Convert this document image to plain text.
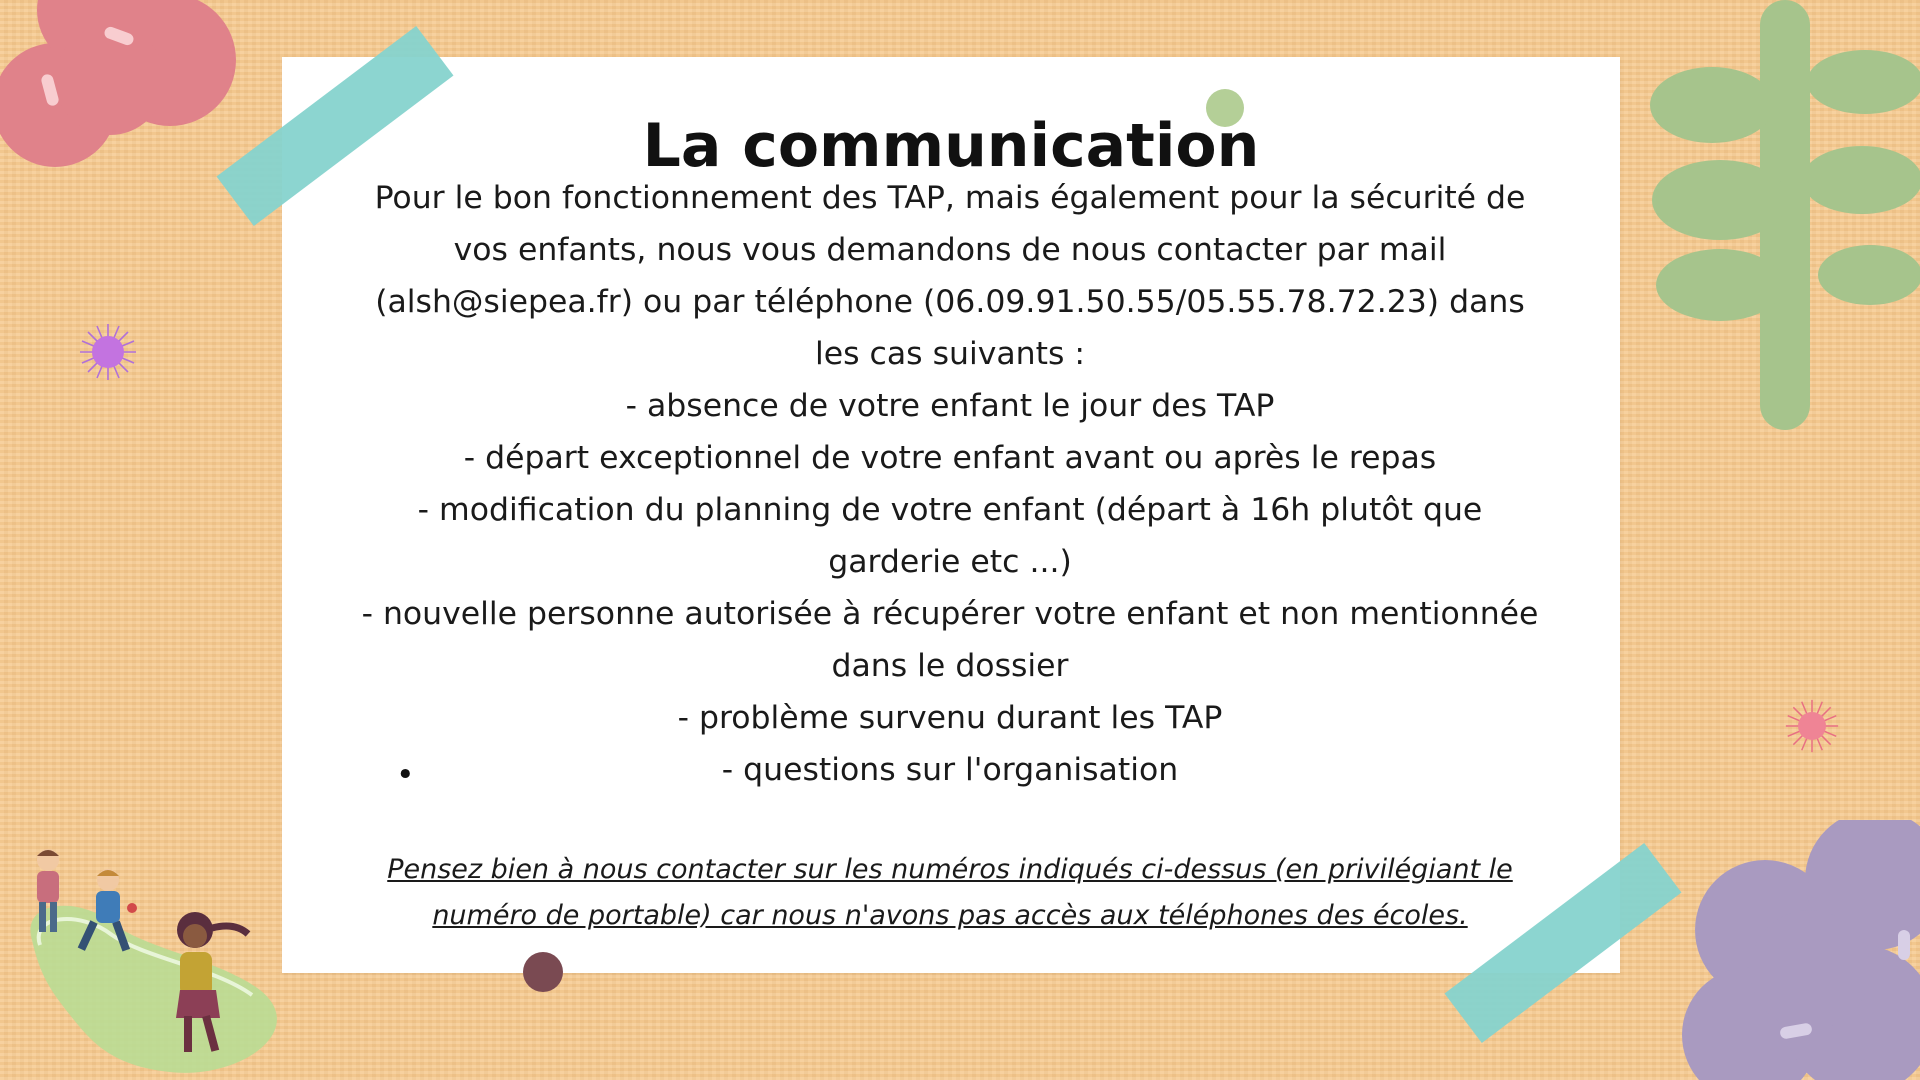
La communication

Pour le bon fonctionnement des TAP, mais également pour la sécurité de vos enfants, nous vous demandons de nous contacter par mail (alsh@siepea.fr) ou par téléphone (06.09.91.50.55/05.55.78.72.23) dans les cas suivants :

- absence de votre enfant le jour des TAP

- départ exceptionnel de votre enfant avant ou après le repas

- modification du planning de votre enfant (départ à 16h plutôt que garderie etc ...)

- nouvelle personne autorisée à récupérer votre enfant et non mentionnée dans le dossier

- problème survenu durant les TAP

- questions sur l'organisation

•

Pensez bien à nous contacter sur les numéros indiqués ci-dessus (en privilégiant le numéro de portable) car nous n'avons pas accès aux téléphones des écoles.
